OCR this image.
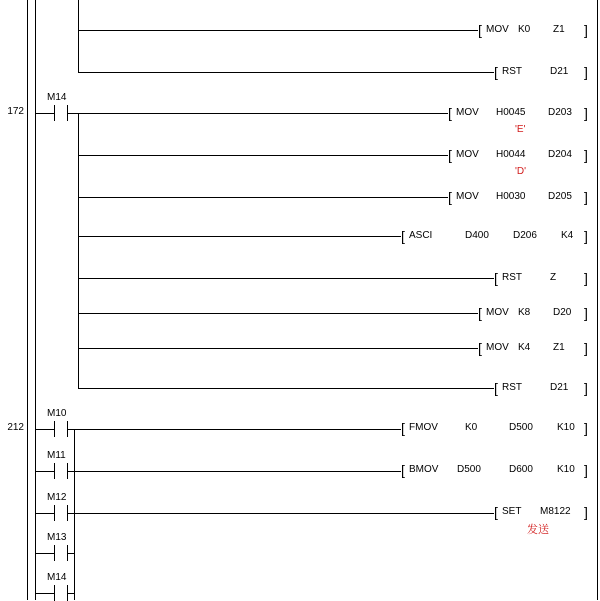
172
212
M14
M10
M11
M12
M13
M14
[ MOV K0 Z1 ]
[ RST	D21 ]
[ MOV H0045 D203 ]
[ MOV H0044 D204 ]
[ MOV H0030 D205 ]
[ ASCI	D400 D206 K4 ]
[ RST	Z ]
[ MOV K8 D20 ]
[ MOV K4 Z1 ]
[ RST	D21 ]
[ FMOV	K0	D500 K10 ]
[ BMOV D500	D600 K10 ]
[ SET M8122 ]
'E'
'D'
发送
